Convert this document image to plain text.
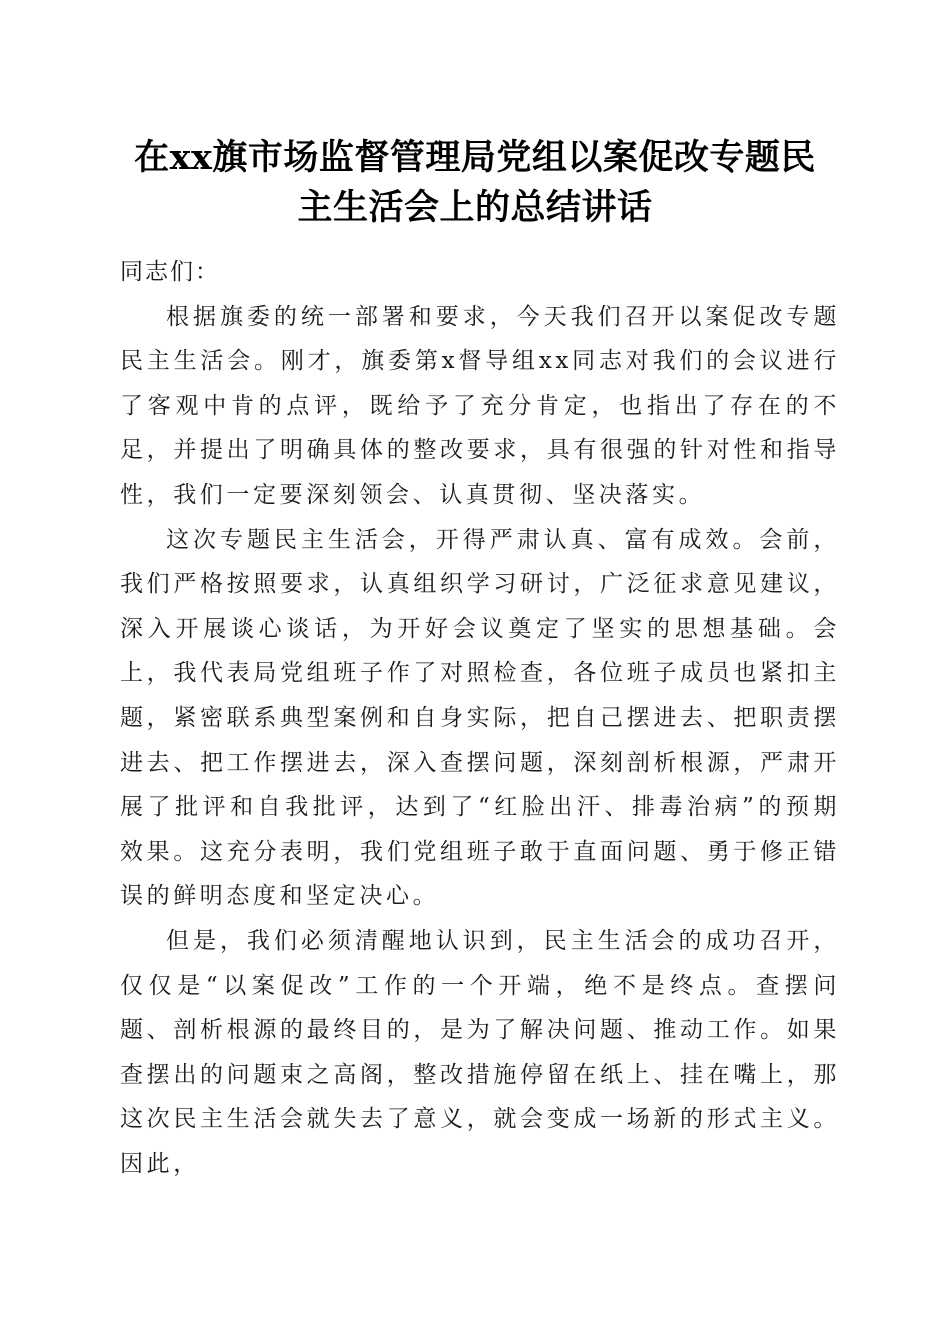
在xx旗市场监督管理局党组以案促改专题民
主生活会上的总结讲话

同志们：

根据旗委的统一部署和要求，今天我们召开以案促改专题民主生活会。刚才，旗委第x督导组xx同志对我们的会议进行了客观中肯的点评，既给予了充分肯定，也指出了存在的不足，并提出了明确具体的整改要求，具有很强的针对性和指导性，我们一定要深刻领会、认真贯彻、坚决落实。

这次专题民主生活会，开得严肃认真、富有成效。会前，我们严格按照要求，认真组织学习研讨，广泛征求意见建议，深入开展谈心谈话，为开好会议奠定了坚实的思想基础。会上，我代表局党组班子作了对照检查，各位班子成员也紧扣主题，紧密联系典型案例和自身实际，把自己摆进去、把职责摆进去、把工作摆进去，深入查摆问题，深刻剖析根源，严肃开展了批评和自我批评，达到了“红脸出汗、排毒治病”的预期效果。这充分表明，我们党组班子敢于直面问题、勇于修正错误的鲜明态度和坚定决心。

但是，我们必须清醒地认识到，民主生活会的成功召开，仅仅是“以案促改”工作的一个开端，绝不是终点。查摆问题、剖析根源的最终目的，是为了解决问题、推动工作。如果查摆出的问题束之高阁，整改措施停留在纸上、挂在嘴上，那这次民主生活会就失去了意义，就会变成一场新的形式主义。因此，
